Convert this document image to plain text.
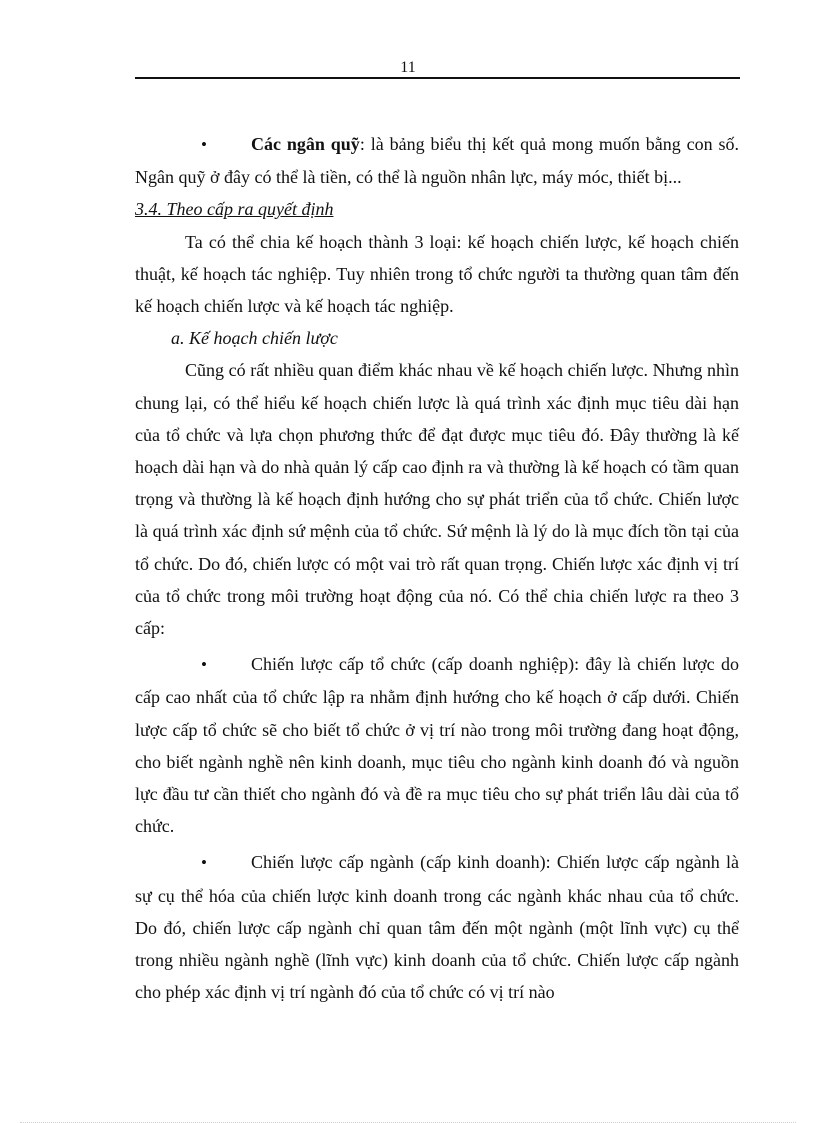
11

• Các ngân quỹ: là bảng biểu thị kết quả mong muốn bằng con số. Ngân quỹ ở đây có thể là tiền, có thể là nguồn nhân lực, máy móc, thiết bị...

3.4. Theo cấp ra quyết định

Ta có thể chia kế hoạch thành 3 loại: kế hoạch chiến lược, kế hoạch chiến thuật, kế hoạch tác nghiệp. Tuy nhiên trong tổ chức người ta thường quan tâm đến kế hoạch chiến lược và kế hoạch tác nghiệp.

a. Kế hoạch chiến lược

Cũng có rất nhiều quan điểm khác nhau về kế hoạch chiến lược. Nhưng nhìn chung lại, có thể hiểu kế hoạch chiến lược là quá trình xác định mục tiêu dài hạn của tổ chức và lựa chọn phương thức để đạt được mục tiêu đó. Đây thường là kế hoạch dài hạn và do nhà quản lý cấp cao định ra và thường là kế hoạch có tầm quan trọng và thường là kế hoạch định hướng cho sự phát triển của tổ chức. Chiến lược là quá trình xác định sứ mệnh của tổ chức. Sứ mệnh là lý do là mục đích tồn tại của tổ chức. Do đó, chiến lược có một vai trò rất quan trọng. Chiến lược xác định vị trí của tổ chức trong môi trường hoạt động của nó. Có thể chia chiến lược ra theo 3 cấp:

• Chiến lược cấp tổ chức (cấp doanh nghiệp): đây là chiến lược do cấp cao nhất của tổ chức lập ra nhằm định hướng cho kế hoạch ở cấp dưới. Chiến lược cấp tổ chức sẽ cho biết tổ chức ở vị trí nào trong môi trường đang hoạt động, cho biết ngành nghề nên kinh doanh, mục tiêu cho ngành kinh doanh đó và nguồn lực đầu tư cần thiết cho ngành đó và đề ra mục tiêu cho sự phát triển lâu dài của tổ chức.

• Chiến lược cấp ngành (cấp kinh doanh): Chiến lược cấp ngành là sự cụ thể hóa của chiến lược kinh doanh trong các ngành khác nhau của tổ chức. Do đó, chiến lược cấp ngành chỉ quan tâm đến một ngành (một lĩnh vực) cụ thể trong nhiều ngành nghề (lĩnh vực) kinh doanh của tổ chức. Chiến lược cấp ngành cho phép xác định vị trí ngành đó của tổ chức có vị trí nào
